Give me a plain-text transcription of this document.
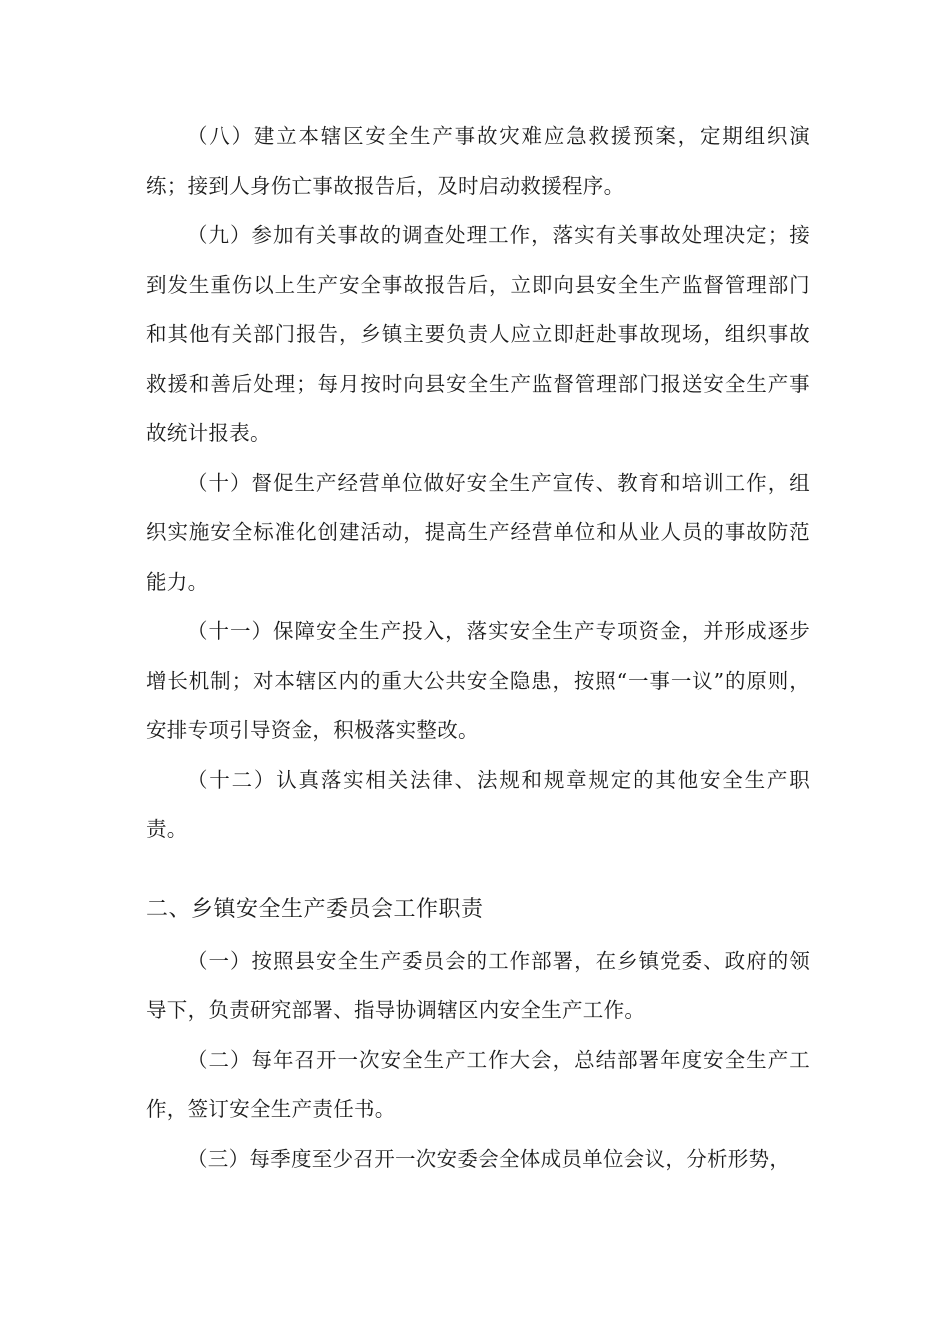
（八）建立本辖区安全生产事故灾难应急救援预案，定期组织演练；接到人身伤亡事故报告后，及时启动救援程序。

（九）参加有关事故的调查处理工作，落实有关事故处理决定；接到发生重伤以上生产安全事故报告后，立即向县安全生产监督管理部门和其他有关部门报告，乡镇主要负责人应立即赶赴事故现场，组织事故救援和善后处理；每月按时向县安全生产监督管理部门报送安全生产事故统计报表。

（十）督促生产经营单位做好安全生产宣传、教育和培训工作，组织实施安全标准化创建活动，提高生产经营单位和从业人员的事故防范能力。

（十一）保障安全生产投入，落实安全生产专项资金，并形成逐步增长机制；对本辖区内的重大公共安全隐患，按照“一事一议”的原则，安排专项引导资金，积极落实整改。

（十二）认真落实相关法律、法规和规章规定的其他安全生产职责。

二、乡镇安全生产委员会工作职责

（一）按照县安全生产委员会的工作部署，在乡镇党委、政府的领导下，负责研究部署、指导协调辖区内安全生产工作。

（二）每年召开一次安全生产工作大会，总结部署年度安全生产工作，签订安全生产责任书。

（三）每季度至少召开一次安委会全体成员单位会议，分析形势，
